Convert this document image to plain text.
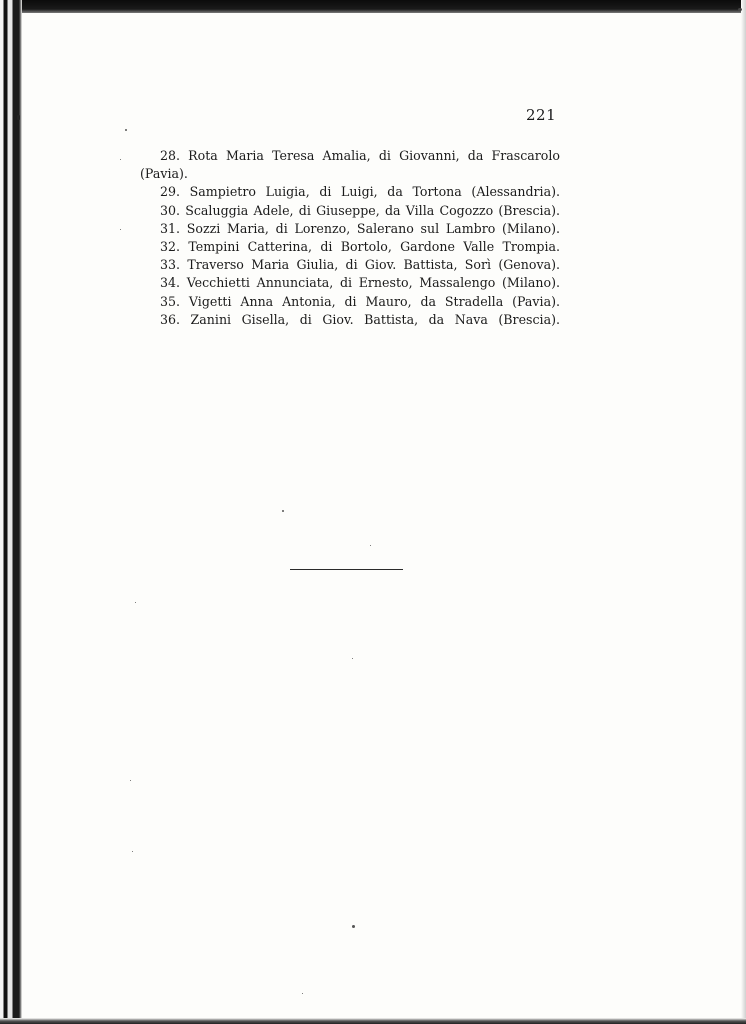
221
28. Rota Maria Teresa Amalia, di Giovanni, da Frascarolo
(Pavia).
29. Sampietro Luigia, di Luigi, da Tortona (Alessandria).
30. Scaluggia Adele, di Giuseppe, da Villa Cogozzo (Brescia).
31. Sozzi Maria, di Lorenzo, Salerano sul Lambro (Milano).
32. Tempini Catterina, di Bortolo, Gardone Valle Trompia.
33. Traverso Maria Giulia, di Giov. Battista, Sorì (Genova).
34. Vecchietti Annunciata, di Ernesto, Massalengo (Milano).
35. Vigetti Anna Antonia, di Mauro, da Stradella (Pavia).
36. Zanini Gisella, di Giov. Battista, da Nava (Brescia).
